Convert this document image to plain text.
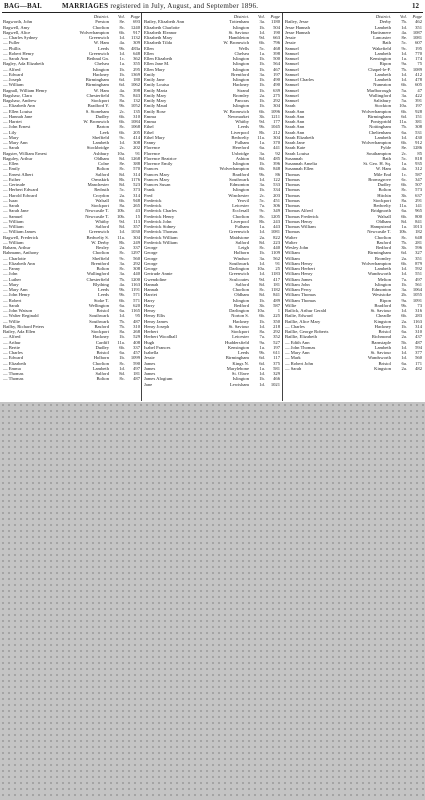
BAG—BAI.	MARRIAGES registered in July, August, and September 1896.	12
District.	Vol.	Page
Bagworth, John	Preston	8e.	693
Bagwell, Amy	Chorlton	8c.	1240
Bagwell, Alice	Wolverhampton	6b.	917
— Charles Sydney	Greenwich	1d.	1132
— Fuller	W. Ham	4a.	309
— Phillis	Leeds	9b.	483a
— Robert Henry	Greenwich	1d.	648
— Sarah Ann	Bethnal Gn.	1c.	362
Bagley, Ada Elizabeth	Chelsea	1a.	355
— Alfred	Islington	1b.	295
— Edward	Hackney	1b.	1369
— Joseph	Birmingham	6d.	180
— William	Birmingham	6d.	1062
Bagnall, William Henry	W. Ham	4a.	398
Bagshaw, Clara	Chesterfield	7b.	843
Bagshaw, Andrew	Stockport	8a.	132
— Elizabeth Ann	Bradford Y.	9b.	1052
— Ellen Louisa	S. Stoneham	2c.	135
— Hannah Jane	Dudley	6b.	310
— Harriet	W. Bromwich	6b.	1084
— John Ernest	Barton	8c.	1068
— Lily	Leek	6b.	205
— Mary	Sheffield	9c.	414
— Mary Ann	Lambeth	1d.	308
— Sarah	Stockbridge	2c.	202
Bagster, William Ernest	Ashbury	10a.	91
Baguley, Arthur	Oldham	8d.	1268
— Ellen	Colne	8e.	388
— Emily	Bolton	8c.	570
— Ernest Albert	Salford	8d.	314
— Esther	Ormskirk	8b.	1176
— Gertrude	Manchester	8d.	523
— Herbert Edward	Redruth	5c.	373
— Harold Edward	Croydon	2a.	314
— Isaac	Walsall	6b.	948
— Sarah	Stockport	8a.	265
— Sarah Jane	Newcastle T.	10b.	43
— Samuel	Newcastle T.	10b.	15
— William	Whitby	9d.	113
— William	Salford	8d.	357
— William James	Greenwich	1d.	1030
Bagwell, Frederick	Bedwelty S.	11a.	304
— William	W. Derby	8b.	249
Baham, Arthur	Bexley	2a.	337
Bahmann, Anthony	Chorlton	8c.	1297
— Charlotte	Sheffield	9c.	560
— Elizabeth Ann	Brentford	3a.	292
— Fanny	Bolton	8c.	308
— John	Wallingford	3a.	440
— Luther	Chesterfield	7b.	1200
— Mary	Blything	4a.	1163
— Mary Ann	Leeds	9b.	1191
— John Henry	Leeds	9b.	571
— Robert	Stoke T.	6b.	571
— Sarah	Wellington	6a.	620
— John Watson	Bristol	6a.	1165
— Walter Reginald	Southwark	1d.	95
— Willie	Southwark	7b.	487
Bailby, Richard Peters	Basford	7b.	310
Bailey, Ada Ellen	Stockport	8a.	268
— Alfred	Hackney	1b.	529
— Arthur	Cardiff	11a.	408
— Bertie	Dudley	6b.	337
— Charles	Bristol	6a.	457
— Edward	Holborn	1b.	1099
— Elizabeth	Chorlton	8c.	590
— Emma	Lambeth	1d.	497
— Thomas	Salford	8d.	181
— Thomas	Bolton	8c.	487
District.	Vol.	Page
Bailey, Elizabeth Ann	Tottenham	3a.	1180
Elizabeth Charlotte	Islington	1b.	504
Elizabeth Eleanor	St. Saviour	1d.	190
Elizabeth Mary	Hambleton	9d.	663
Elizabeth Tilda	W. Bromwich	6b.	796
Ellen	Wells	5c.	468
Ellen	Chelsea	1a.	398
Ellen Elizabeth	Islington	1b.	500
Ellen Jane M.	Islington	1b.	564
Ellen Mary	Islington	1b.	467
Emily	Brentford	3a.	197
Emily Jane	Islington	1b.	490
Emily Louisa	Hackney	1b.	490
Emily Maria	Strand	1b.	639
Emily Mary	Bromley	2a.	275
Emily Mary	Pancras	1b.	292
Emily Maud	Islington	1b.	304
Emily Rose	W. Bromwich	6b.	1096
Emma	Newmarket	3b.	1211
Emma	Whitby	9d.	177
Ethel	Leeds	9b.	1045
Ethel	Liverpool	8b.	212
Ethel Mary	Bedwelty	11a.	304
Fanny	Fulham	1a.	370
Florence	Hereford	6a.	441
Florence	Uxbridge	3a.	92
Florence Beatrice	Ashton	8d.	485
Florence Emily	Islington	1b.	396
Frances	Wolverhampton	6b.	848
Frances Mary	Bradford	9b.	86
Frances Mary	Southwark	1d.	122
Frances Susan	Edmonton	3a.	533
Frank	Islington	1b.	334
Fred	Winchester	2c.	203
Frederick	Yeovil	5c.	451
Frederick	Leicester	7a.	306
Frederick Charles	Ecclesall	9c.	349
Frederick Henry	Chorlton	8c.	1205
Frederick John	Liverpool	8b.	243
Frederick Sidney	Fulham	1a.	443
Frederick Thomas	Greenwich	1d.	1081
Frederick William	Maidstone	2a.	822
Frederick William	Salford	8d.	223
George	Leigh	8c.	440
George	Holborn	1b.	1109
George	Windsor	3a.	562
George	Southwark	1d.	91
George	Darlington	10a.	25
Gertrude Annie	Greenwich	1d.	1183
Gwendoline	Sculcoates	9d.	417
Hannah	Salford	8d.	181
Hannah	Chorlton	8c.	1182
Harriet	Oldham	8d.	841
Harry	Islington	1b.	489
Harry	Bedford	3b.	587
Henry	Darlington	10a.	1
Henry Ellis	Norton S.	6b.	225
Henry James	Hackney	1b.	350
Henry Joseph	St. Saviour	1d.	218
Herbert	Stockport	8a.	292
Herbert Woodhall	Leicester	7a.	352
Hugh	Huddersfield	9a.	527
Isabel Frances	Kensington	1a.	197
Isabella	Leeds	9b.	611
Jessie	Birmingham	6d.	117
James	Kings N.	6d.	375
James	Marylebone	1a.	581
James	St. Olave	1d.	329
James Alogium	Islington	1b.	466
Jane	Lewisham	1d.	1021
District.	Vol.	Page
Bailey, Jesse	Derby	7b.	462
Jesse Hannah	Lambeth	1d.	351
Jesse Hannah	Hartismere	4a.	1087
Jessie	Lancaster	8e.	1081
Jessie	Bath	5c.	607
Samuel	Wakefield	9c.	195
Samuel	Lambeth	1d.	770
Samuel	Kensington	1a.	174
Samuel	Ripon	9a.	75
Samuel	Chapel-le-F.	7b.	1089
Samuel	Lambeth	1d.	412
Samuel Charles	Lambeth	1d.	478
Samuel	Nuneaton	6b.	605
Samuel	Marlborough	5a.	47
Samuel	Wallingford	3a.	422
Samuel	Salisbury	5a.	391
Sarah	Stockton	10a.	197
Sarah Ann	Wolverhampton	6b.	928
Sarah Ann	Birmingham	6d.	151
Sarah Ann	Pontypridd	11a.	381
Sarah Ann	Nottingham	7b.	308
Sarah Ann	Cheltenham	6a.	531
Sarah Elizabeth	Lambeth	1d.	430
Sarah Jane	Wolverhampton	6b.	912
Sarah Kate	Fylde	8e.	1286
Sarah Louisa	Southampton	2c.	85
Susannah	Bath	5c.	818
Susannah Amelia	St. Geo. H. Sq.	1a.	935
Susannah Ellen	W. Ham	4a.	312
Thomas	Mile End	1c.	587
Thomas	Bromsgrove	6c.	347
Thomas	Dudley	6b.	507
Thomas	Bolton	8c.	573
Thomas	Hitchin	3b.	637
Thomas	Stockport	8a.	291
Thomas	Bedwelty	11a.	141
Thomas Alfred	Bridgnorth	6a.	965
Thomas Frederick	Walsall	6b.	800
Thomas Henry	Oldham	8d.	841
Thomas William	Hampstead	1a.	1013
Thomas	Newcastle T.	10b.	182
Walter	Chorlton	8c.	648
Walter	Basford	7b.	281
Wesley John	Bedford	3b.	596
William	Birmingham	6d.	327
William	Bromley	2a.	351
William Henry	Wolverhampton	6b.	879
William Herbert	Lambeth	1d.	592
William Henry	Wandsworth	1d.	551
William James	Melton	7a.	497
William John	Islington	1b.	561
William Percy	Edmonton	3a.	1064
William Thomas	Weststoke	2b.	1055
William Thomas	Ripon	9a.	1091
Willie	Bradford	9b.	73
Bailick, Arthur Gerald	St. Saviour	1d.	316
Bailie, Edward	Cheadle	6b.	283
Baillie, Alice Mary	Kingston	2a.	1163
— Charles	Hackney	1b.	314
Baillie, George Roberts	Bristol	6a.	310
Baillie, Elizabeth	Richmond	2a.	437
— Edith Ann	Barnstaple	5b.	487
— John Thomas	Lambeth	1d.	594
— Mary Ann	St. Saviour	1d.	377
— Mark	Wandsworth	1d.	560
— Robert John	Bristol	6a.	171
— Sarah	Kingston	2a.	482
